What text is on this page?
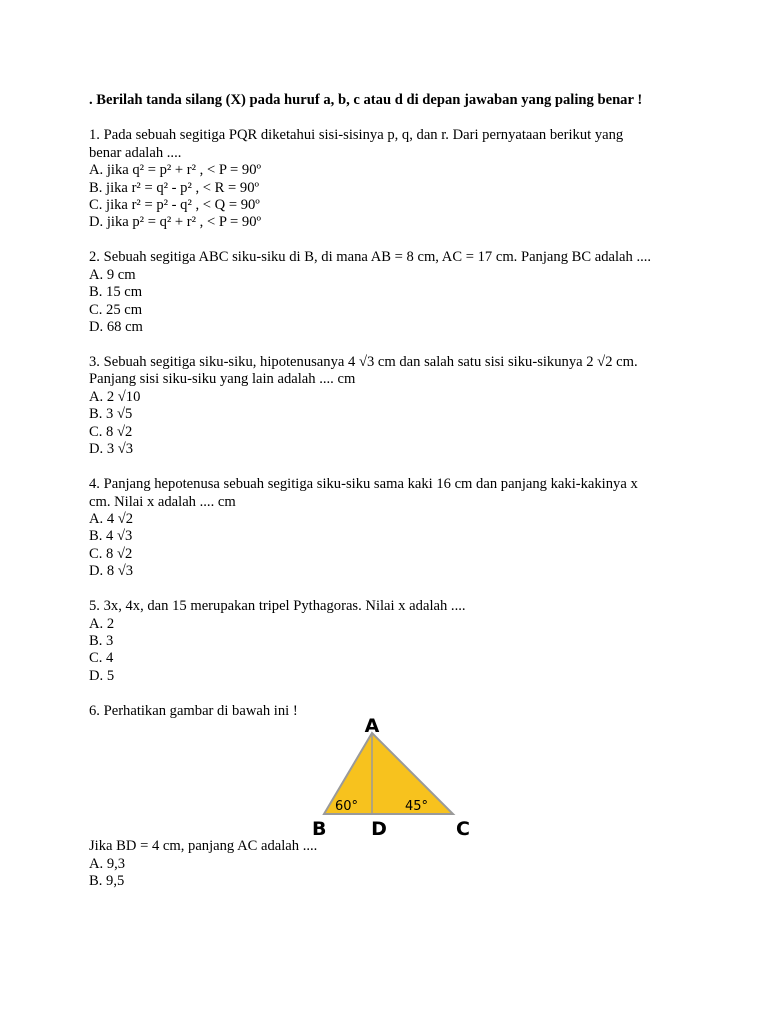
. Berilah tanda silang (X) pada huruf a, b, c atau d di depan jawaban yang paling benar !
1. Pada sebuah segitiga PQR diketahui sisi-sisinya p, q, dan r. Dari pernyataan berikut yang
benar adalah ....
A. jika q² = p² + r² , < P = 90º
B. jika r² = q² - p² , < R = 90º
C. jika r² = p² - q² , < Q = 90º
D. jika p² = q² + r² , < P = 90º
2. Sebuah segitiga ABC siku-siku di B, di mana AB = 8 cm, AC = 17 cm. Panjang BC adalah ....
A. 9 cm
B. 15 cm
C. 25 cm
D. 68 cm
3. Sebuah segitiga siku-siku, hipotenusanya 4 √3 cm dan salah satu sisi siku-sikunya 2 √2 cm.
Panjang sisi siku-siku yang lain adalah .... cm
A. 2 √10
B. 3 √5
C. 8 √2
D. 3 √3
4. Panjang hepotenusa sebuah segitiga siku-siku sama kaki 16 cm dan panjang kaki-kakinya x
cm. Nilai x adalah .... cm
A. 4 √2
B. 4 √3
C. 8 √2
D. 8 √3
5. 3x, 4x, dan 15 merupakan tripel Pythagoras. Nilai x adalah ....
A. 2
B. 3
C. 4
D. 5
6. Perhatikan gambar di bawah ini !
A
B D	C
60°	45°
Jika BD = 4 cm, panjang AC adalah ....
A. 9,3
B. 9,5
